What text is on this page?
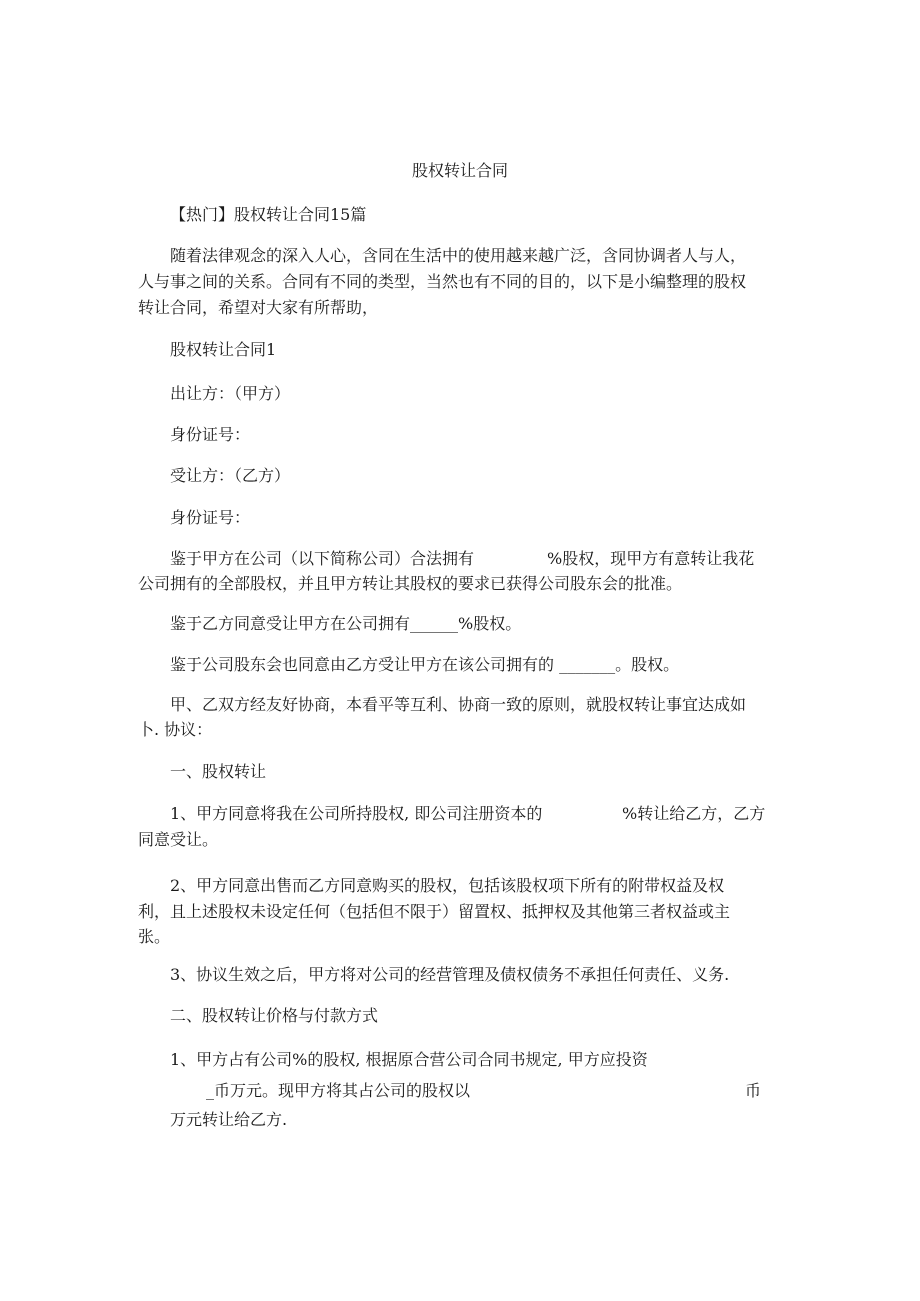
股权转让合同
【热门】股权转让合同15篇
随着法律观念的深入人心，含同在生活中的使用越来越广泛，含同协调者人与人，
人与事之间的关系。合同有不同的类型，当然也有不同的目的，以下是小编整理的股权
转让合同，希望对大家有所帮助，
股权转让合同1
出让方：（甲方）
身份证号：
受让方：（乙方）
身份证号：
鉴于甲方在公司（以下简称公司）合法拥有	%股权，现甲方有意转让我花
公司拥有的全部股权，并且甲方转让其股权的要求已获得公司股东会的批准。
鉴于乙方同意受让甲方在公司拥有______%股权。
鉴于公司股东会也同意由乙方受让甲方在该公司拥有的 _______。股权。
甲、乙双方经友好协商，本看平等互利、协商一致的原则，就股权转让事宜达成如
卜. 协议：
一、股权转让
1、甲方同意将我在公司所持股权, 即公司注册资本的	%转让给乙方，乙方
同意受让。
2、甲方同意出售而乙方同意购买的股权，包括该股权项下所有的附带权益及权
利，且上述股权未设定任何（包括但不限于）留置权、抵押权及其他第三者权益或主
张。
3、协议生效之后，甲方将对公司的经营管理及债权债务不承担任何责任、义务.
二、股权转让价格与付款方式
1、甲方占有公司%的股权, 根据原合营公司合同书规定, 甲方应投资
_币万元。现甲方将其占公司的股权以	币
万元转让给乙方.
